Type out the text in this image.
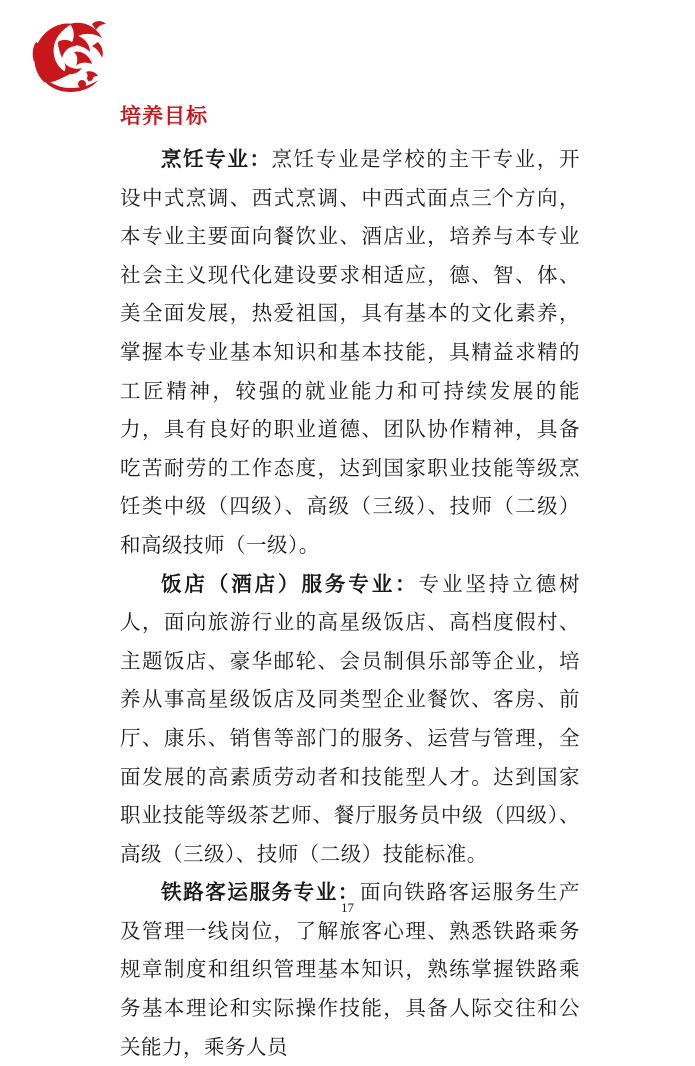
培养目标

烹饪专业：烹饪专业是学校的主干专业，开设中式烹调、西式烹调、中西式面点三个方向，本专业主要面向餐饮业、酒店业，培养与本专业社会主义现代化建设要求相适应，德、智、体、美全面发展，热爱祖国，具有基本的文化素养，掌握本专业基本知识和基本技能，具精益求精的工匠精神，较强的就业能力和可持续发展的能力，具有良好的职业道德、团队协作精神，具备吃苦耐劳的工作态度，达到国家职业技能等级烹饪类中级（四级）、高级（三级）、技师（二级）和高级技师（一级）。

饭店（酒店）服务专业：专业坚持立德树人，面向旅游行业的高星级饭店、高档度假村、主题饭店、豪华邮轮、会员制俱乐部等企业，培养从事高星级饭店及同类型企业餐饮、客房、前厅、康乐、销售等部门的服务、运营与管理，全面发展的高素质劳动者和技能型人才。达到国家职业技能等级茶艺师、餐厅服务员中级（四级）、高级（三级）、技师（二级）技能标准。

铁路客运服务专业：面向铁路客运服务生产及管理一线岗位，了解旅客心理、熟悉铁路乘务规章制度和组织管理基本知识，熟练掌握铁路乘务基本理论和实际操作技能，具备人际交往和公关能力，乘务人员

17
